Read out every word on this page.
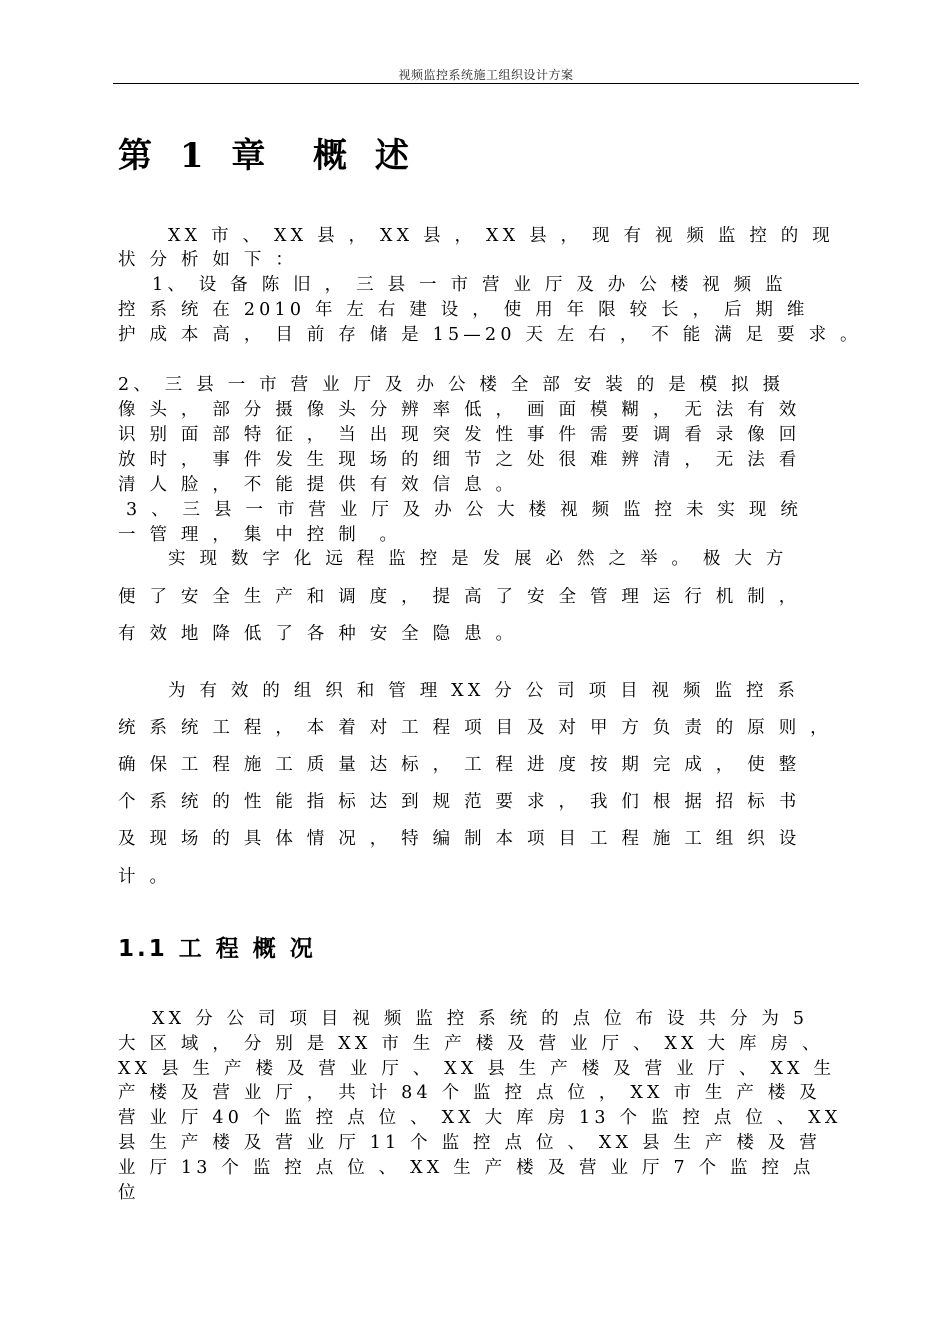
视频监控系统施工组织设计方案
第 1 章  概 述

XX 市 、 XX 县 ， XX 县 ， XX 县 ， 现 有 视 频 监 控 的 现

状 分 析 如 下 ：

1、 设 备 陈 旧 ， 三 县 一 市 营 业 厅 及 办 公 楼 视 频 监

控 系 统 在 2010 年 左 右 建 设 ， 使 用 年 限 较 长 ， 后 期 维

护 成 本 高 ， 目 前 存 储 是 15—20 天 左 右 ， 不 能 满 足 要 求 。

2、 三 县 一 市 营 业 厅 及 办 公 楼 全 部 安 装 的 是 模 拟 摄

像 头 ， 部 分 摄 像 头 分 辨 率 低 ， 画 面 模 糊 ， 无 法 有 效

识 别 面 部 特 征 ， 当 出 现 突 发 性 事 件 需 要 调 看 录 像 回

放 时 ， 事 件 发 生 现 场 的 细 节 之 处 很 难 辨 清 ， 无 法 看

清 人 脸 ， 不 能 提 供 有 效 信 息 。

3 、 三 县 一 市 营 业 厅 及 办 公 大 楼 视 频 监 控 未 实 现 统

一 管 理 ， 集 中 控 制  。

实 现 数 字 化 远 程 监 控 是 发 展 必 然 之 举 。 极 大 方

便 了 安 全 生 产 和 调 度 ， 提 高 了 安 全 管 理 运 行 机 制 ，

有 效 地 降 低 了 各 种 安 全 隐 患 。

为 有 效 的 组 织 和 管 理 XX 分 公 司 项 目 视 频 监 控 系

统 系 统 工 程 ， 本 着 对 工 程 项 目 及 对 甲 方 负 责 的 原 则 ，

确 保 工 程 施 工 质 量 达 标 ， 工 程 进 度 按 期 完 成 ， 使 整

个 系 统 的 性 能 指 标 达 到 规 范 要 求 ， 我 们 根 据 招 标 书

及 现 场 的 具 体 情 况 ， 特 编 制 本 项 目 工 程 施 工 组 织 设

计 。

1.1 工 程 概 况

XX 分 公 司 项 目 视 频 监 控 系 统 的 点 位 布 设 共 分 为 5

大 区 域 ， 分 别 是 XX 市 生 产 楼 及 营 业 厅 、 XX 大 库 房 、

XX 县 生 产 楼 及 营 业 厅 、 XX 县 生 产 楼 及 营 业 厅 、 XX 生

产 楼 及 营 业 厅 ， 共 计 84 个 监 控 点 位 ， XX 市 生 产 楼 及

营 业 厅 40 个 监 控 点 位 、 XX 大 库 房 13 个 监 控 点 位 、 XX

县 生 产 楼 及 营 业 厅 11 个 监 控 点 位 、 XX 县 生 产 楼 及 营

业 厅 13 个 监 控 点 位 、 XX 生 产 楼 及 营 业 厅 7 个 监 控 点

位
